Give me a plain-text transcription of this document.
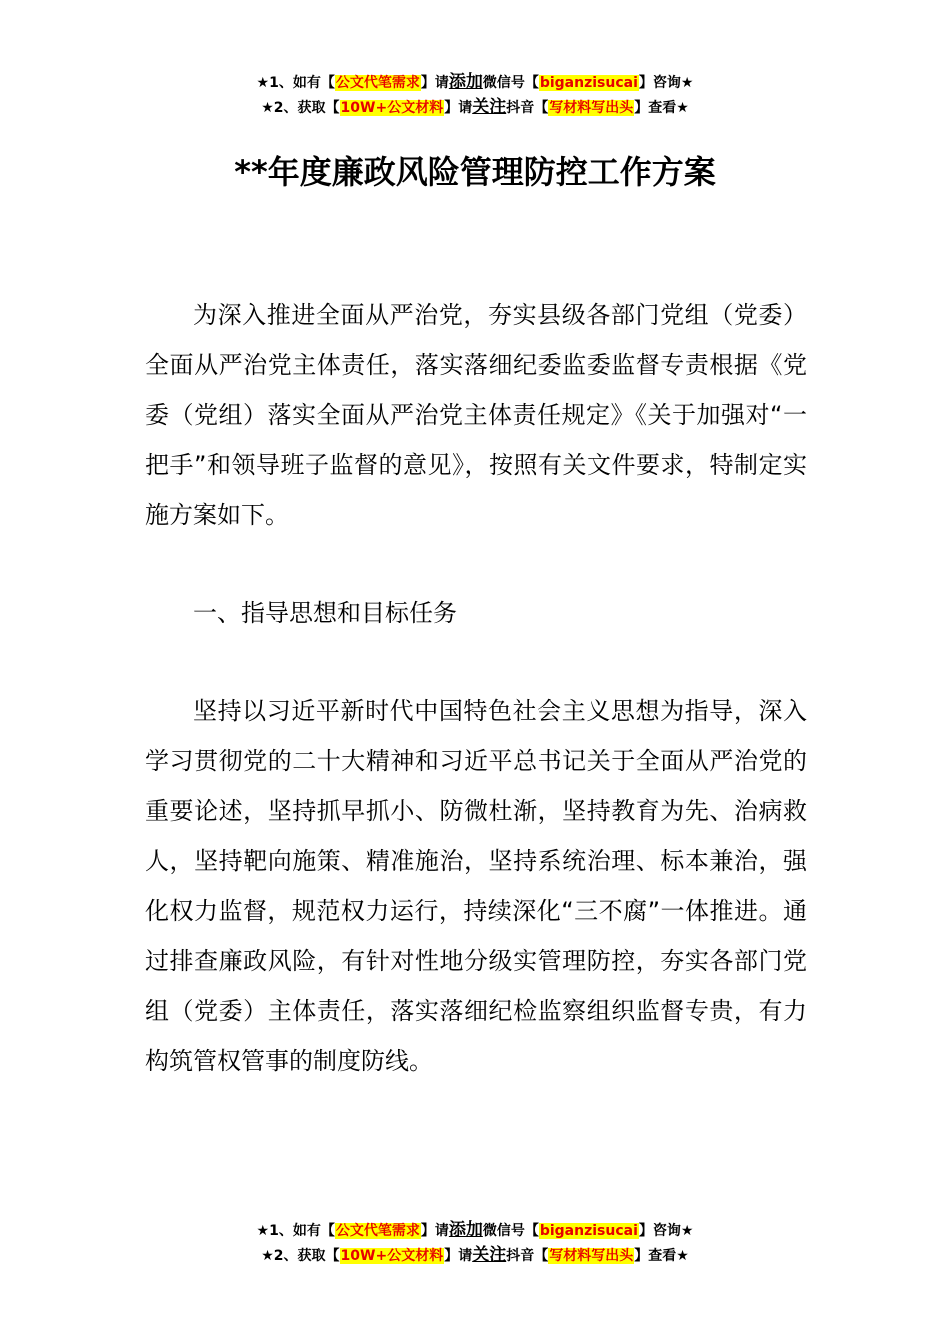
★1、如有【公文代笔需求】请添加微信号【biganzisucai】咨询★
★2、获取【10W+公文材料】请关注抖音【写材料写出头】查看★
**年度廉政风险管理防控工作方案

为深入推进全面从严治党，夯实县级各部门党组（党委）全面从严治党主体责任，落实落细纪委监委监督专责根据《党委（党组）落实全面从严治党主体责任规定》《关于加强对“一把手”和领导班子监督的意见》，按照有关文件要求，特制定实施方案如下。

一、指导思想和目标任务

坚持以习近平新时代中国特色社会主义思想为指导，深入学习贯彻党的二十大精神和习近平总书记关于全面从严治党的重要论述，坚持抓早抓小、防微杜渐，坚持教育为先、治病救人，坚持靶向施策、精准施治，坚持系统治理、标本兼治，强化权力监督，规范权力运行，持续深化“三不腐”一体推进。通过排查廉政风险，有针对性地分级实管理防控，夯实各部门党组（党委）主体责任，落实落细纪检监察组织监督专贵，有力构筑管权管事的制度防线。

★1、如有【公文代笔需求】请添加微信号【biganzisucai】咨询★
★2、获取【10W+公文材料】请关注抖音【写材料写出头】查看★
